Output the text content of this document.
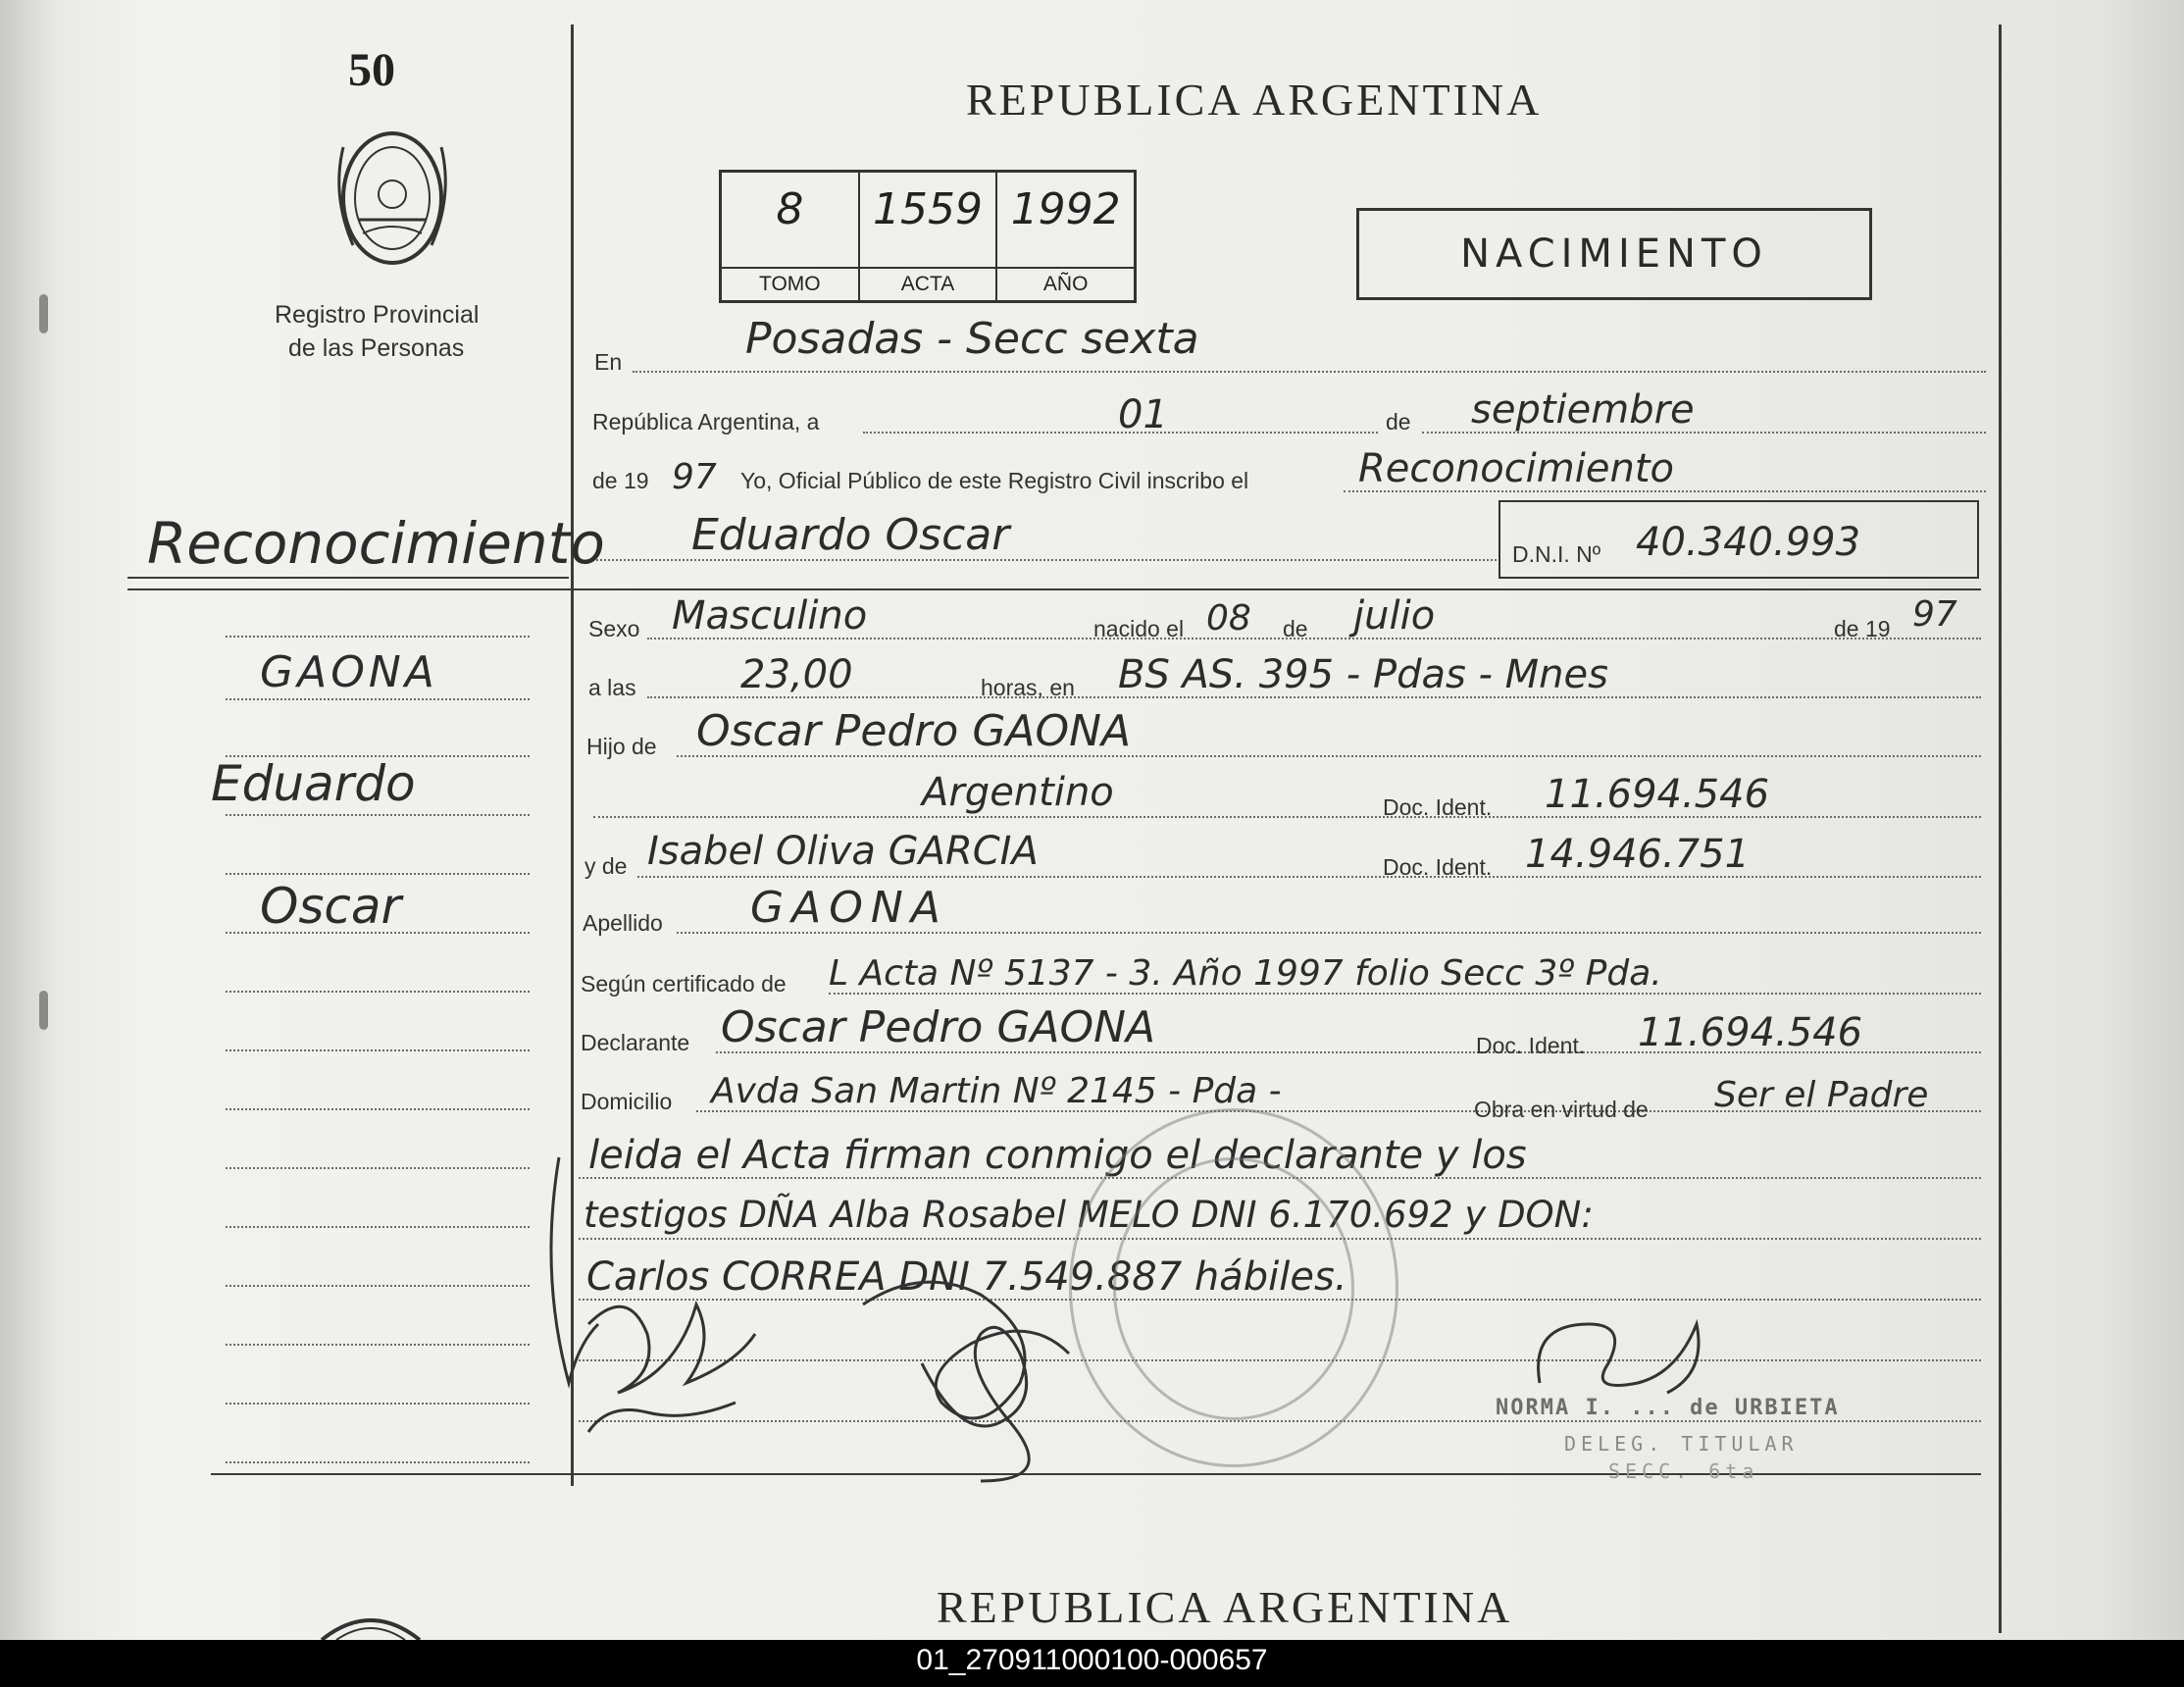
50
Registro Provincial
de las Personas
REPUBLICA ARGENTINA
8
TOMO
1559
ACTA
1992
AÑO
NACIMIENTO
En	Posadas - Secc sexta
República Argentina, a	01	de septiembre
de 19 97 Yo, Oficial Público de este Registro Civil inscribo el	Reconocimiento
Eduardo Oscar	D.N.I. Nº 40.340.993
Sexo Masculino	nacido el 08 de julio	de 19 97
a las	23,00	horas, en BS AS. 395 - Pdas - Mnes
Hijo de Oscar Pedro GAONA
Argentino	Doc. Ident. 11.694.546
y de Isabel Oliva GARCIA	Doc. Ident. 14.946.751
Apellido GAONA
Según certificado de L Acta Nº 5137 - 3. Año 1997 folio Secc 3º Pda.
Declarante Oscar Pedro GAONA	Doc. Ident. 11.694.546
Domicilio Avda San Martin Nº 2145 - Pda -	Obra en virtud de Ser el Padre
leida el Acta firman conmigo el declarante y los
testigos DÑA Alba Rosabel MELO DNI 6.170.692 y DON:
Carlos CORREA DNI 7.549.887 hábiles.
Reconocimiento
GAONA
Eduardo
Oscar
NORMA I. ... de URBIETA
DELEG. TITULAR
SECC. 6ta
REPUBLICA ARGENTINA
01_270911000100-000657
